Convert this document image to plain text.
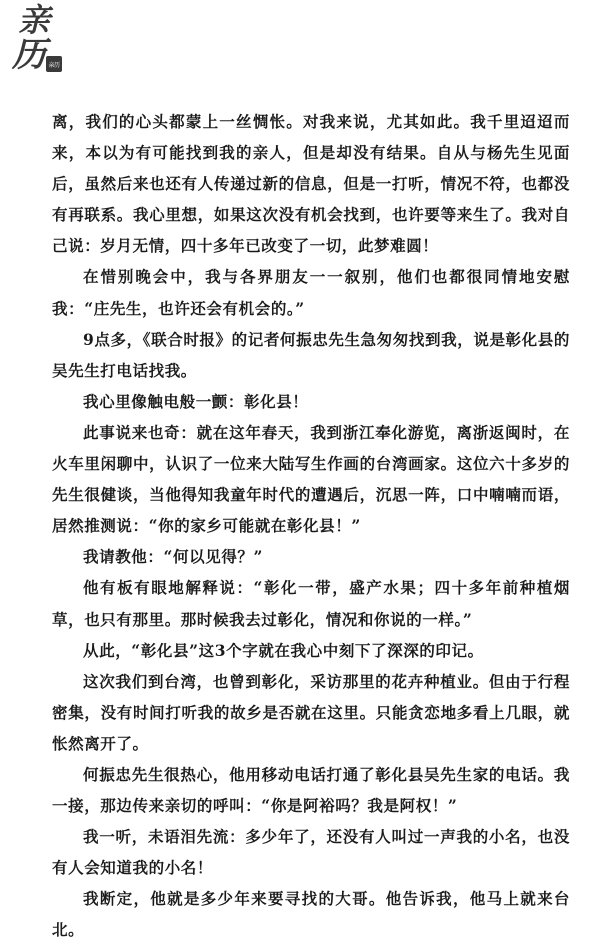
亲
历 亲历

离，我们的心头都蒙上一丝惆怅。对我来说，尤其如此。我千里迢迢而来，本以为有可能找到我的亲人，但是却没有结果。自从与杨先生见面后，虽然后来也还有人传递过新的信息，但是一打听，情况不符，也都没有再联系。我心里想，如果这次没有机会找到，也许要等来生了。我对自己说：岁月无情，四十多年已改变了一切，此梦难圆！

在惜别晚会中，我与各界朋友一一叙别，他们也都很同情地安慰我：“庄先生，也许还会有机会的。”

9点多，《联合时报》的记者何振忠先生急匆匆找到我，说是彰化县的吴先生打电话找我。

我心里像触电般一颤：彰化县！

此事说来也奇：就在这年春天，我到浙江奉化游览，离浙返闽时，在火车里闲聊中，认识了一位来大陆写生作画的台湾画家。这位六十多岁的先生很健谈，当他得知我童年时代的遭遇后，沉思一阵，口中喃喃而语，居然推测说：“你的家乡可能就在彰化县！”

我请教他：“何以见得？”

他有板有眼地解释说：“彰化一带，盛产水果；四十多年前种植烟草，也只有那里。那时候我去过彰化，情况和你说的一样。”

从此，“彰化县”这3个字就在我心中刻下了深深的印记。

这次我们到台湾，也曾到彰化，采访那里的花卉种植业。但由于行程密集，没有时间打听我的故乡是否就在这里。只能贪恋地多看上几眼，就怅然离开了。

何振忠先生很热心，他用移动电话打通了彰化县吴先生家的电话。我一接，那边传来亲切的呼叫：“你是阿裕吗？我是阿权！”

我一听，未语泪先流：多少年了，还没有人叫过一声我的小名，也没有人会知道我的小名！

我断定，他就是多少年来要寻找的大哥。他告诉我，他马上就来台北。
